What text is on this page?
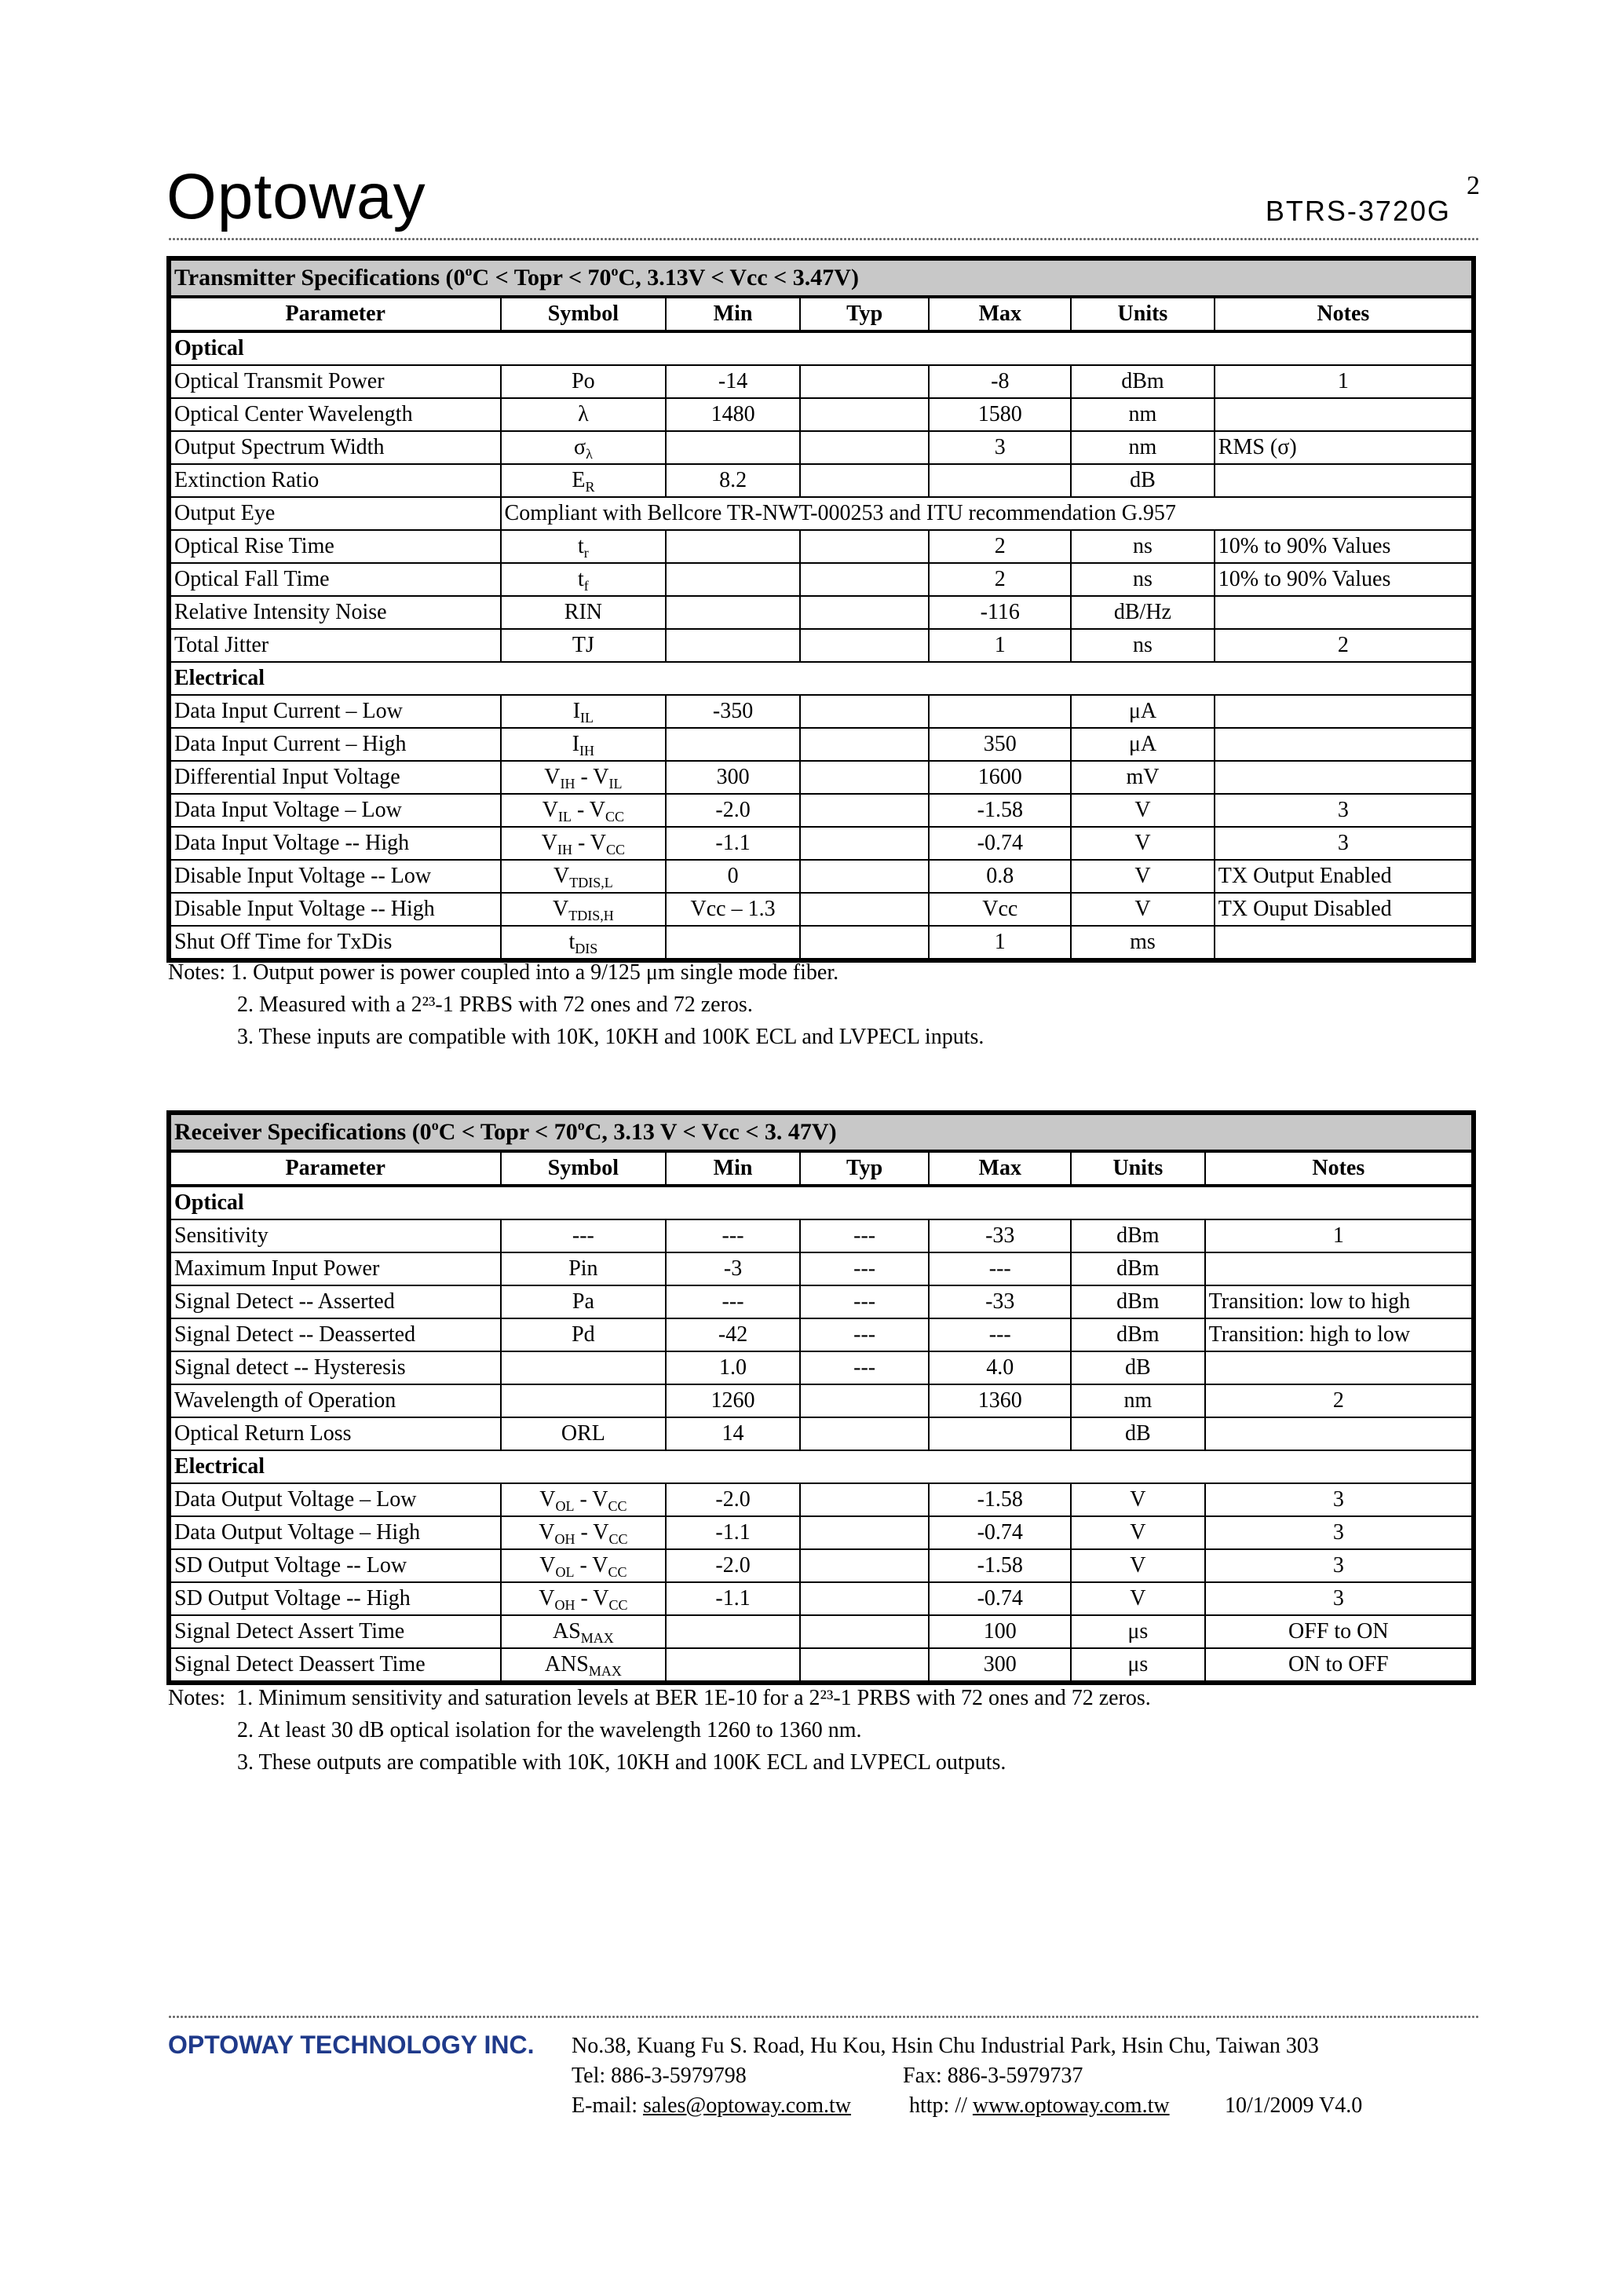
Optoway	2
BTRS-3720G
Transmitter Specifications ($0^oC$ < Topr < $70^oC$, 3.13V < Vcc < 3.47V)						
Parameter	Symbol	Min	Typ	Max	Units	Notes
Optical						
Optical Transmit Power	Po	-14		-8	dBm	1
Optical Center Wavelength	λ	1480		1580	nm	
Output Spectrum Width	$\sigma_\lambda$			3	nm	RMS (σ)
Extinction Ratio	$E_R$	8.2			dB	
Output Eye	Compliant with Bellcore TR-NWT-000253 and ITU recommendation G.957					
Optical Rise Time	$t_r$			2	ns	10% to 90% Values
Optical Fall Time	$t_f$			2	ns	10% to 90% Values
Relative Intensity Noise	RIN			-116	dB/Hz	
Total Jitter	TJ			1	ns	2
Electrical						
Data Input Current – Low	$I_{IL}$	-350			μA	
Data Input Current – High	$I_{IH}$			350	μA	
Differential Input Voltage	$V_{IH} - V_{IL}$	300		1600	mV	
Data Input Voltage – Low	$V_{IL} - V_{CC}$	-2.0		-1.58	V	3
Data Input Voltage -- High	$V_{IH} - V_{CC}$	-1.1		-0.74	V	3
Disable Input Voltage -- Low	$V_{TDIS,L}$	0		0.8	V	TX Output Enabled
Disable Input Voltage -- High	$V_{TDIS,H}$	Vcc – 1.3		Vcc	V	TX Ouput Disabled
Shut Off Time for TxDis	$t_{DIS}$			1	ms	
Notes: 1. Output power is power coupled into a 9/125 μm single mode fiber.
2. Measured with a 2²³-1 PRBS with 72 ones and 72 zeros.
3. These inputs are compatible with 10K, 10KH and 100K ECL and LVPECL inputs.
Receiver Specifications ($0^oC$ < Topr < $70^oC$, 3.13 V < Vcc < 3. 47V)						
Parameter	Symbol	Min	Typ	Max	Units	Notes
Optical						
Sensitivity	---	---	---	-33	dBm	1
Maximum Input Power	Pin	-3	---	---	dBm	
Signal Detect -- Asserted	Pa	---	---	-33	dBm	Transition: low to high
Signal Detect -- Deasserted	Pd	-42	---	---	dBm	Transition: high to low
Signal detect -- Hysteresis		1.0	---	4.0	dB	
Wavelength of Operation		1260		1360	nm	2
Optical Return Loss	ORL	14			dB	
Electrical						
Data Output Voltage – Low	$V_{OL} - V_{CC}$	-2.0		-1.58	V	3
Data Output Voltage – High	$V_{OH} - V_{CC}$	-1.1		-0.74	V	3
SD Output Voltage -- Low	$V_{OL} - V_{CC}$	-2.0		-1.58	V	3
SD Output Voltage -- High	$V_{OH} - V_{CC}$	-1.1		-0.74	V	3
Signal Detect Assert Time	$AS_{MAX}$			100	μs	OFF to ON
Signal Detect Deassert Time	$ANS_{MAX}$			300	μs	ON to OFF
Notes: 1. Minimum sensitivity and saturation levels at BER 1E-10 for a 2²³-1 PRBS with 72 ones and 72 zeros.
2. At least 30 dB optical isolation for the wavelength 1260 to 1360 nm.
3. These outputs are compatible with 10K, 10KH and 100K ECL and LVPECL outputs.
OPTOWAY TECHNOLOGY INC. No.38, Kuang Fu S. Road, Hu Kou, Hsin Chu Industrial Park, Hsin Chu, Taiwan 303
Tel: 886-3-5979798	Fax: 886-3-5979737
E-mail: sales@optoway.com.tw	http: // www.optoway.com.tw	10/1/2009 V4.0
